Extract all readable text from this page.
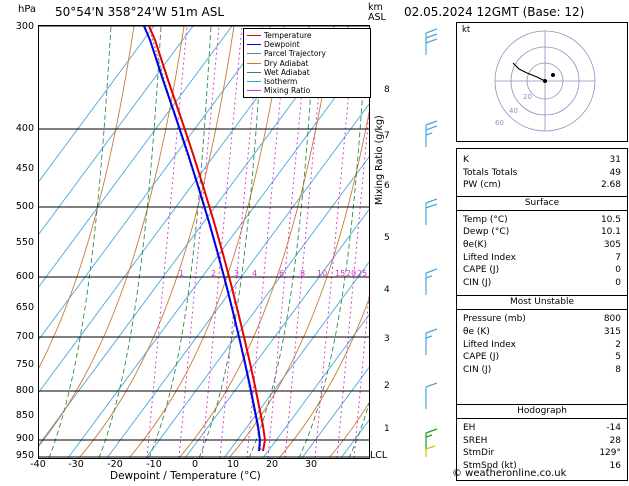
hPa 50°54'N 358°24'W 51m ASL	km
ASL
300
400
450
500
550
600
650
700
750
800
850
900
950
8
7
6
5
4
3
2
1
LCL
-40	-30	-20	-10	0	10	20	30
Dewpoint / Temperature (°C)
Mixing Ratio (g/kg)
1	2 3 4	6 8 10 15 20 25
Temperature
Dewpoint
Parcel Trajectory
Dry Adiabat
Wet Adiabat
Isotherm
Mixing Ratio
02.05.2024 12GMT (Base: 12)
20
40
60
kt
K	31
Totals Totals	49
PW (cm)	2.68
Surface
Temp (°C)	10.5
Dewp (°C)	10.1
θe(K)	305
Lifted Index	7
CAPE (J)	0
CIN (J)	0
Most Unstable
Pressure (mb)	800
θe (K)	315
Lifted Index	2
CAPE (J)	5
CIN (J)	8
Hodograph
EH	-14
SREH	28
StmDir	129°
StmSpd (kt)	16
© weatheronline.co.uk
